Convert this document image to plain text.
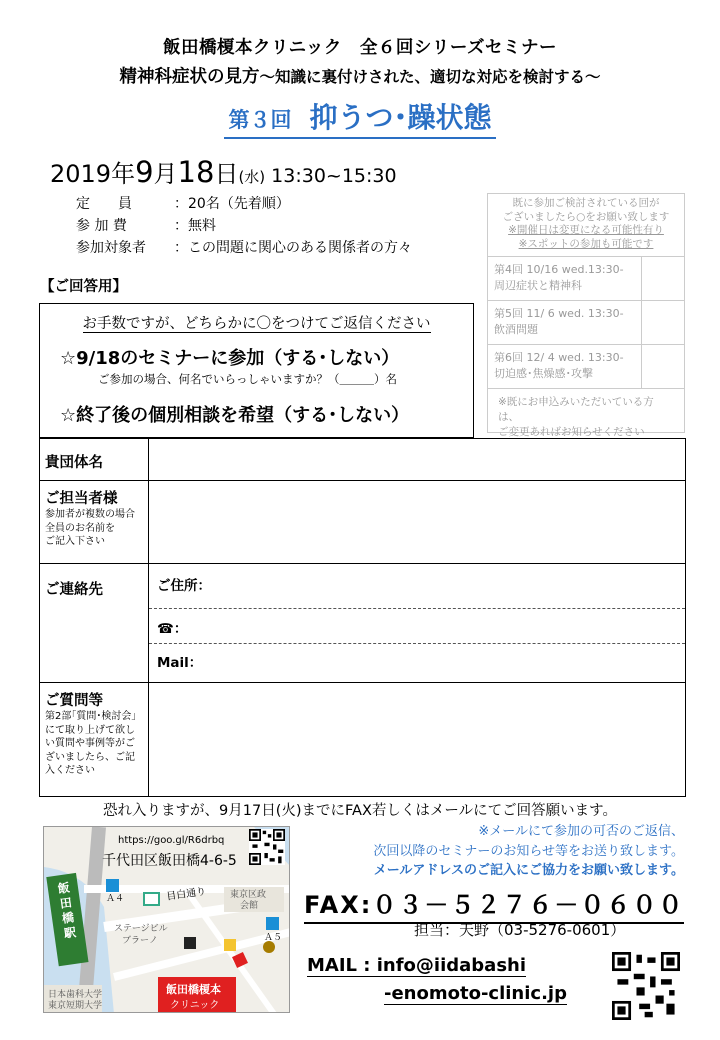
飯田橋榎本クリニック　全６回シリーズセミナー
精神科症状の見方～知識に裏付けされた、適切な対応を検討する～
第３回 抑うつ･躁状態
2019年9月18日(水) 13:30~15:30
定　　員	：20名（先着順）
参 加 費	：無料
参加対象者 ：この問題に関心のある関係者の方々
既に参加ご検討されている回が
ございましたら○をお願い致します
※開催日は変更になる可能性有り
※スポットの参加も可能です
第4回 10/16 wed.13:30-
周辺症状と精神科
第5回 11/ 6 wed. 13:30-
飲酒問題
第6回 12/ 4 wed. 13:30-
切迫感･焦燥感･攻撃
※既にお申込みいただいている方は、
ご変更あればお知らせください
【ご回答用】
お手数ですが、どちらかに〇をつけてご返信ください
☆9/18のセミナーに参加（する･しない）
ご参加の場合、何名でいらっしゃいますか？（＿＿＿）名
☆終了後の個別相談を希望（する･しない）
貴団体名	

ご担当者様
参加者が複数の場合
全員のお名前を
ご記入下さい	

ご連絡先	ご住所：
☎：
Mail：

ご質問等
第2部｢質問･検討会｣にて取り上げて欲しい質問や事例等がございましたら、ご記入ください	

恐れ入りますが、9月17日(火)までにFAX若しくはメールにてご回答願います。
https://goo.gl/R6drbq
千代田区飯田橋4-6-5
飯田橋駅
Ａ４
Ａ５
目白通り	東京区政
会館
ステージビル
ブラーノ
日本歯科大学
東京短期大学
飯田橋榎本
クリニック
※メールにて参加の可否のご返信、
次回以降のセミナーのお知らせ等をお送り致します。
メールアドレスのご記入にご協力をお願い致します。
FAX:０３－５２７６－０６００
担当：天野（03-5276-0601）
MAIL : info@iidabashi
-enomoto-clinic.jp
